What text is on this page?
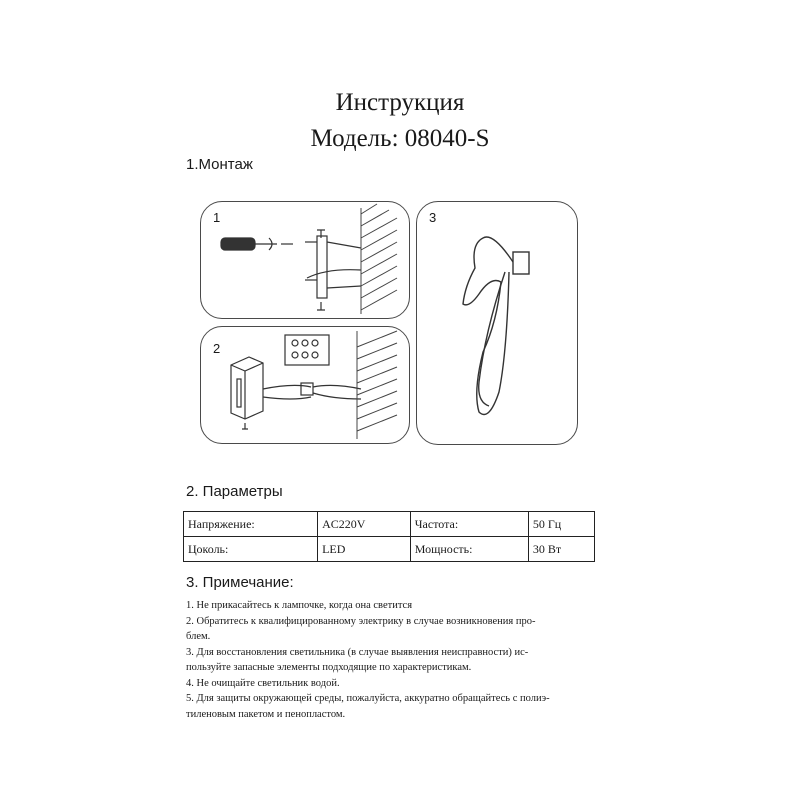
Инструкция
Модель: 08040-S
1.Монтаж
1
2
3
2. Параметры
Напряжение:	AC220V	Частота:	50 Гц
Цоколь:	LED	Мощность:	30 Вт
3. Примечание:
1. Не прикасайтесь к лампочке, когда она светится
2. Обратитесь к квалифицированному электрику в случае возникновения про-
блем.
3. Для восстановления светильника (в случае выявления неисправности) ис-
пользуйте запасные элементы подходящие по характеристикам.
4. Не очищайте светильник водой.
5. Для защиты окружающей среды, пожалуйста, аккуратно обращайтесь с полиэ-
тиленовым пакетом и пенопластом.
